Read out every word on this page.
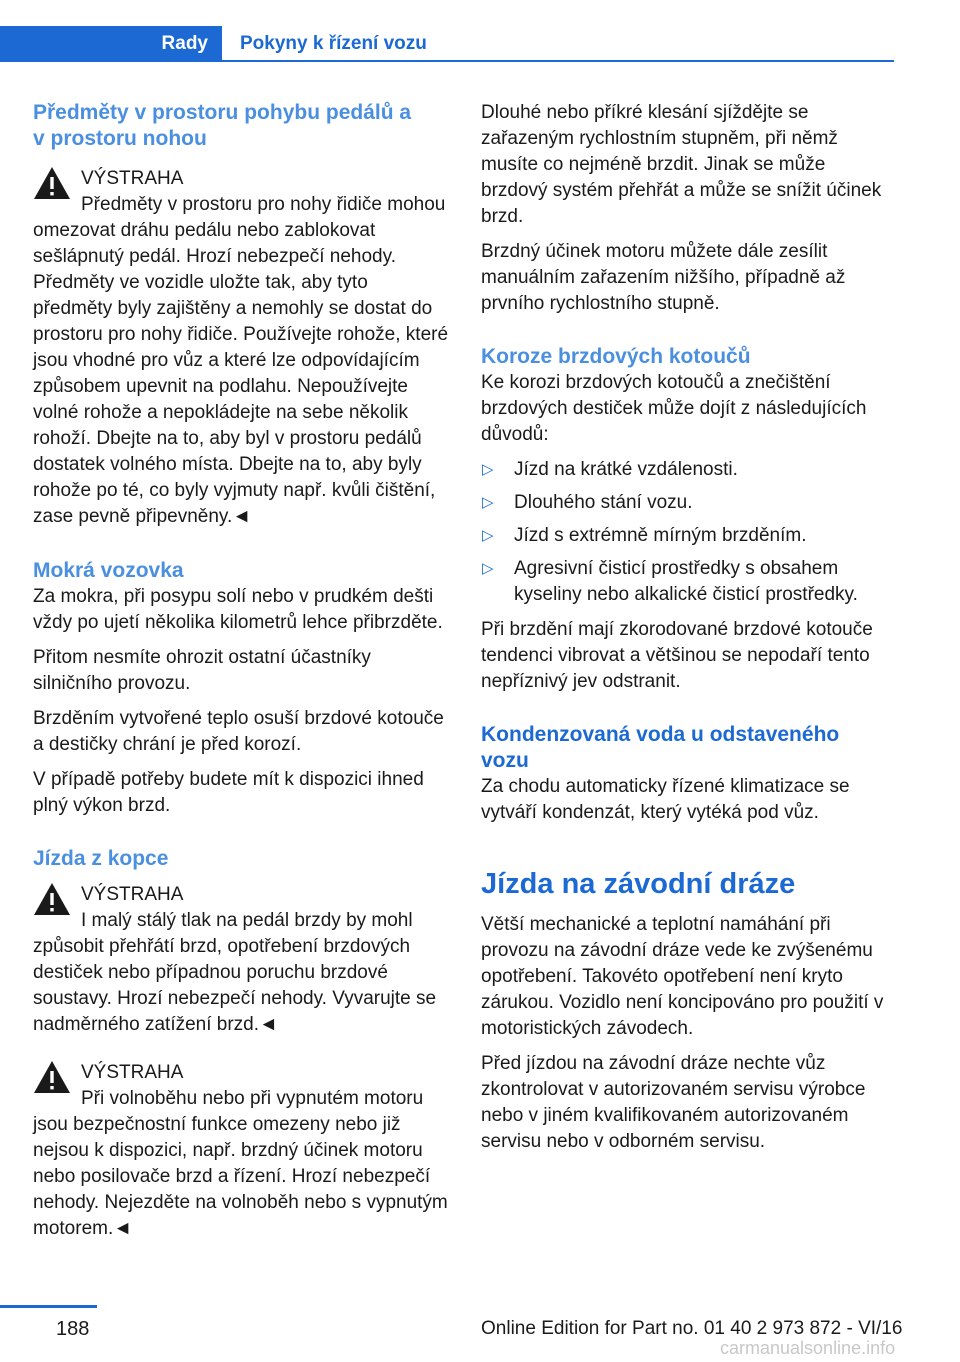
Rady	Pokyny k řízení vozu
Předměty v prostoru pohybu pedálů a
v prostoru nohou

VÝSTRAHA

Předměty v prostoru pro nohy řidiče mohou omezovat dráhu pedálu nebo zablokovat sešlápnutý pedál. Hrozí nebezpečí nehody. Předměty ve vozidle uložte tak, aby tyto předměty byly zajištěny a nemohly se dostat do prostoru pro nohy řidiče. Používejte rohože, které jsou vhodné pro vůz a které lze odpovídajícím způsobem upevnit na podlahu. Nepoužívejte volné rohože a nepokládejte na sebe několik rohoží. Dbejte na to, aby byl v prostoru pedálů dostatek volného místa. Dbejte na to, aby byly rohože po té, co byly vyjmuty např. kvůli čištění, zase pevně připevněny.◄

Mokrá vozovka

Za mokra, při posypu solí nebo v prudkém dešti vždy po ujetí několika kilometrů lehce přibrzděte.

Přitom nesmíte ohrozit ostatní účastníky silničního provozu.

Brzděním vytvořené teplo osuší brzdové kotouče a destičky chrání je před korozí.

V případě potřeby budete mít k dispozici ihned plný výkon brzd.

Jízda z kopce

VÝSTRAHA

I malý stálý tlak na pedál brzdy by mohl způsobit přehřátí brzd, opotřebení brzdových destiček nebo případnou poruchu brzdové soustavy. Hrozí nebezpečí nehody. Vyvarujte se nadměrného zatížení brzd.◄

VÝSTRAHA

Při volnoběhu nebo při vypnutém motoru jsou bezpečnostní funkce omezeny nebo již nejsou k dispozici, např. brzdný účinek motoru nebo posilovače brzd a řízení. Hrozí nebezpečí nehody. Nejezděte na volnoběh nebo s vypnutým motorem.◄

Dlouhé nebo příkré klesání sjíždějte se zařazeným rychlostním stupněm, při němž musíte co nejméně brzdit. Jinak se může brzdový systém přehřát a může se snížit účinek brzd.

Brzdný účinek motoru můžete dále zesílit manuálním zařazením nižšího, případně až prvního rychlostního stupně.

Koroze brzdových kotoučů

Ke korozi brzdových kotoučů a znečištění brzdových destiček může dojít z následujících důvodů:

▷ Jízd na krátké vzdálenosti.
▷ Dlouhého stání vozu.
▷ Jízd s extrémně mírným brzděním.
▷ Agresivní čisticí prostředky s obsahem kyseliny nebo alkalické čisticí prostředky.

Při brzdění mají zkorodované brzdové kotouče tendenci vibrovat a většinou se nepodaří tento nepříznivý jev odstranit.

Kondenzovaná voda u odstaveného
vozu

Za chodu automaticky řízené klimatizace se vytváří kondenzát, který vytéká pod vůz.

Jízda na závodní dráze

Větší mechanické a teplotní namáhání při provozu na závodní dráze vede ke zvýšenému opotřebení. Takovéto opotřebení není kryto zárukou. Vozidlo není koncipováno pro použití v motoristických závodech.

Před jízdou na závodní dráze nechte vůz zkontrolovat v autorizovaném servisu výrobce nebo v jiném kvalifikovaném autorizovaném servisu nebo v odborném servisu.

188	Online Edition for Part no. 01 40 2 973 872 - VI/16
carmanualsonline.info
